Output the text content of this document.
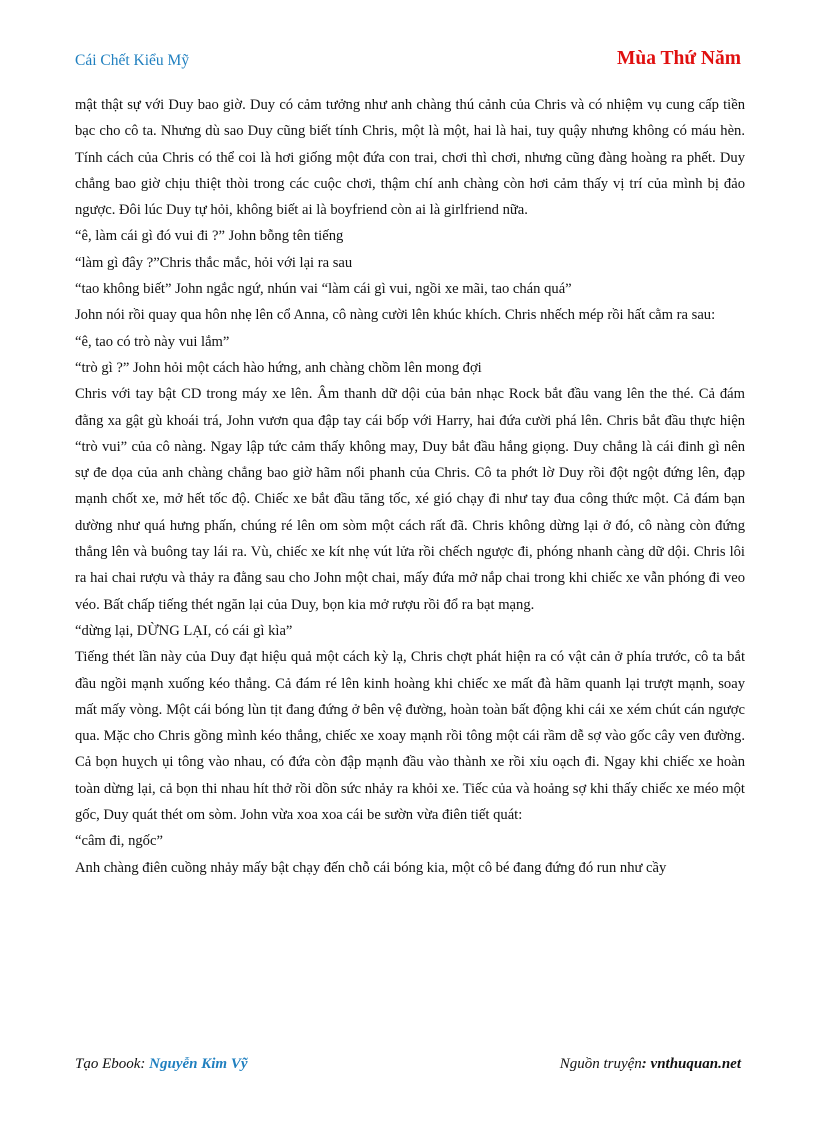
Cái Chết Kiểu Mỹ	Mùa Thứ Năm

mật thật sự với Duy bao giờ. Duy có cảm tưởng như anh chàng thú cảnh của Chris và có nhiệm vụ cung cấp tiền bạc cho cô ta. Nhưng dù sao Duy cũng biết tính Chris, một là một, hai là hai, tuy quậy nhưng không có máu hèn. Tính cách của Chris có thể coi là hơi giống một đứa con trai, chơi thì chơi, nhưng cũng đàng hoàng ra phết. Duy chẳng bao giờ chịu thiệt thòi trong các cuộc chơi, thậm chí anh chàng còn hơi cảm thấy vị trí của mình bị đảo ngược. Đôi lúc Duy tự hỏi, không biết ai là boyfriend còn ai là girlfriend nữa.

“ê, làm cái gì đó vui đi ?” John bỗng tên tiếng

“làm gì đây ?”Chris thắc mắc, hỏi với lại ra sau

“tao không biết” John ngắc ngứ, nhún vai “làm cái gì vui, ngồi xe mãi, tao chán quá”

John nói rồi quay qua hôn nhẹ lên cổ Anna, cô nàng cười lên khúc khích. Chris nhếch mép rồi hất cằm ra sau:

“ê, tao có trò này vui lắm”

“trò gì ?” John hỏi một cách hào hứng, anh chàng chồm lên mong đợi

Chris với tay bật CD trong máy xe lên. Âm thanh dữ dội của bản nhạc Rock bắt đầu vang lên the thé. Cả đám đằng xa gật gù khoái trá, John vươn qua đập tay cái bốp với Harry, hai đứa cười phá lên. Chris bắt đầu thực hiện “trò vui” của cô nàng. Ngay lập tức cảm thấy không may, Duy bắt đầu hắng giọng. Duy chẳng là cái đinh gì nên sự đe dọa của anh chàng chẳng bao giờ hãm nổi phanh của Chris. Cô ta phớt lờ Duy rồi đột ngột đứng lên, đạp mạnh chốt xe, mở hết tốc độ. Chiếc xe bắt đầu tăng tốc, xé gió chạy đi như tay đua công thức một. Cả đám bạn dường như quá hưng phấn, chúng ré lên om sòm một cách rất đã. Chris không dừng lại ở đó, cô nàng còn đứng thẳng lên và buông tay lái ra. Vù, chiếc xe kít nhẹ vút lửa rồi chếch ngược đi, phóng nhanh càng dữ dội. Chris lôi ra hai chai rượu và thảy ra đằng sau cho John một chai, mấy đứa mở nắp chai trong khi chiếc xe vẫn phóng đi veo véo. Bất chấp tiếng thét ngăn lại của Duy, bọn kia mở rượu rồi đổ ra bạt mạng.

“dừng lại, DỪNG LẠI, có cái gì kìa”

Tiếng thét lần này của Duy đạt hiệu quả một cách kỳ lạ, Chris chợt phát hiện ra có vật cản ở phía trước, cô ta bắt đầu ngồi mạnh xuống kéo thắng. Cả đám ré lên kinh hoàng khi chiếc xe mất đà hãm quanh lại trượt mạnh, soay mất mấy vòng. Một cái bóng lùn tịt đang đứng ở bên vệ đường, hoàn toàn bất động khi cái xe xém chút cán ngược qua. Mặc cho Chris gồng mình kéo thắng, chiếc xe xoay mạnh rồi tông một cái rầm dễ sợ vào gốc cây ven đường. Cả bọn huỵch ụi tông vào nhau, có đứa còn đập mạnh đầu vào thành xe rồi xỉu oạch đi. Ngay khi chiếc xe hoàn toàn dừng lại, cả bọn thi nhau hít thở rồi dồn sức nhảy ra khỏi xe. Tiếc của và hoảng sợ khi thấy chiếc xe méo một gốc, Duy quát thét om sòm. John vừa xoa xoa cái be sườn vừa điên tiết quát:

“câm đi, ngốc”

Anh chàng điên cuồng nhảy mấy bật chạy đến chỗ cái bóng kia, một cô bé đang đứng đó run như cầy

Tạo Ebook: Nguyễn Kim Vỹ	Nguồn truyện: vnthuquan.net
